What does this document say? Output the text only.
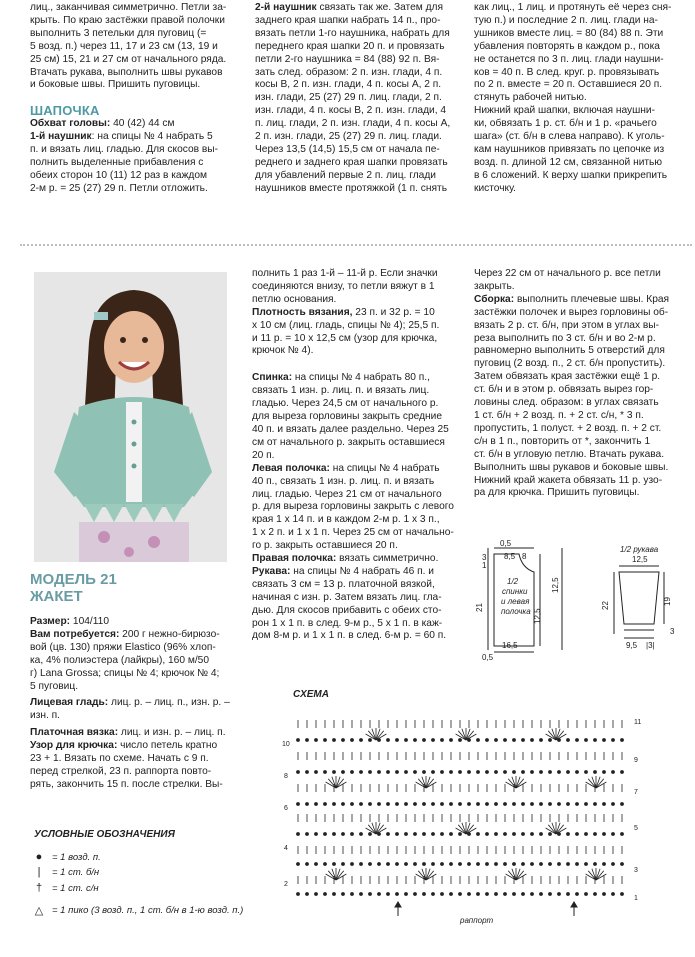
лиц., заканчивая симметрично. Петли за-

крыть. По краю застёжки правой полочки

выполнить 3 петельки для пуговиц (=

5 возд. п.) через 11, 17 и 23 см (13, 19 и

25 см) 15, 21 и 27 см от начального ряда.

Втачать рукава, выполнить швы рукавов

и боковые швы. Пришить пуговицы.

ШАПОЧКА

Обхват головы: 40 (42) 44 см

1-й наушник: на спицы № 4 набрать 5

п. и вязать лиц. гладью. Для скосов вы-

полнить выделенные прибавления с

обеих сторон 10 (11) 12 раз в каждом

2-м р. = 25 (27) 29 п. Петли отложить.

2-й наушник связать так же. Затем для

заднего края шапки набрать 14 п., про-

вязать петли 1-го наушника, набрать для

переднего края шапки 20 п. и провязать

петли 2-го наушника = 84 (88) 92 п. Вя-

зать след. образом: 2 п. изн. глади, 4 п.

косы В, 2 п. изн. глади, 4 п. косы А, 2 п.

изн. глади, 25 (27) 29 п. лиц. глади, 2 п.

изн. глади, 4 п. косы В, 2 п. изн. глади, 4

п. лиц. глади, 2 п. изн. глади, 4 п. косы А,

2 п. изн. глади, 25 (27) 29 п. лиц. глади.

Через 13,5 (14,5) 15,5 см от начала пе-

реднего и заднего края шапки провязать

для убавлений первые 2 п. лиц. глади

наушников вместе протяжкой (1 п. снять

как лиц., 1 лиц. и протянуть её через сня-

тую п.) и последние 2 п. лиц. глади на-

ушников вместе лиц. = 80 (84) 88 п. Эти

убавления повторять в каждом р., пока

не останется по 3 п. лиц. глади наушни-

ков = 40 п. В след. круг. р. провязывать

по 2 п. вместе = 20 п. Оставшиеся 20 п.

стянуть рабочей нитью.

Нижний край шапки, включая наушни-

ки, обвязать 1 р. ст. б/н и 1 р. «рачьего

шага» (ст. б/н в слева направо). К уголь-

кам наушников привязать по цепочке из

возд. п. длиной 12 см, связанной нитью

в 6 сложений. К верху шапки прикрепить

кисточку.

МОДЕЛЬ 21

ЖАКЕТ

Размер: 104/110

Вам потребуется: 200 г нежно-бирюзо-

вой (цв. 130) пряжи Elastico (96% хлоп-

ка, 4% полиэстера (лайкры), 160 м/50

г) Lana Grossa; спицы № 4; крючок № 4;

5 пуговиц.

Лицевая гладь: лиц. р. – лиц. п., изн. р. –

изн. п.

Платочная вязка: лиц. и изн. р. – лиц. п.

Узор для крючка: число петель кратно

23 + 1. Вязать по схеме. Начать с 9 п.

перед стрелкой, 23 п. раппорта повто-

рять, закончить 15 п. после стрелки. Вы-

полнить 1 раз 1-й – 11-й р. Если значки

соединяются внизу, то петли вяжут в 1

петлю основания.

Плотность вязания, 23 п. и 32 р. = 10

х 10 см (лиц. гладь, спицы № 4); 25,5 п.

и 11 р. = 10 х 12,5 см (узор для крючка,

крючок № 4).

Спинка: на спицы № 4 набрать 80 п.,

связать 1 изн. р. лиц. п. и вязать лиц.

гладью. Через 24,5 см от начального р.

для выреза горловины закрыть средние

40 п. и вязать далее раздельно. Через 25

см от начального р. закрыть оставшиеся

20 п.

Левая полочка: на спицы № 4 набрать

40 п., связать 1 изн. р. лиц. п. и вязать

лиц. гладью. Через 21 см от начального

р. для выреза горловины закрыть с левого

края 1 х 14 п. и в каждом 2-м р. 1 х 3 п.,

1 х 2 п. и 1 х 1 п. Через 25 см от начально-

го р. закрыть оставшиеся 20 п.

Правая полочка: вязать симметрично.

Рукава: на спицы № 4 набрать 46 п. и

связать 3 см = 13 р. платочной вязкой,

начиная с изн. р. Затем вязать лиц. гла-

дью. Для скосов прибавить с обеих сто-

рон 1 х 1 п. в след. 9-м р., 5 х 1 п. в каж-

дом 8-м р. и 1 х 1 п. в след. 6-м р. = 60 п.

Через 22 см от начального р. все петли

закрыть.

Сборка: выполнить плечевые швы. Края

застёжки полочек и вырез горловины об-

вязать 2 р. ст. б/н, при этом в углах вы-

реза выполнить по 3 ст. б/н и во 2-м р.

равномерно выполнить 5 отверстий для

пуговиц (2 возд. п., 2 ст. б/н пропустить).

Затем обвязать края застёжки ещё 1 р.

ст. б/н и в этом р. обвязать вырез гор-

ловины след. образом: в углах связать

1 ст. б/н + 2 возд. п. + 2 ст. с/н, * 3 п.

пропустить, 1 полуст. + 2 возд. п. + 2 ст.

с/н в 1 п., повторить от *, закончить 1

ст. б/н в угловую петлю. Втачать рукава.

Выполнить швы рукавов и боковые швы.

Нижний край жакета обвязать 11 р. узо-

ра для крючка. Пришить пуговицы.

0,5
8,5 8
3
1
12,5
21
12,5
16,5
0,5
12,5
19
22
9,5 |3|
3
1/2
спинки
и левая
полочка
1/2 рукава
УСЛОВНЫЕ ОБОЗНАЧЕНИЯ
● = 1 возд. п.
|	= 1 ст. б/н
† = 1 ст. с/н
△ = 1 пико (3 возд. п., 1 ст. б/н в 1-ю возд. п.)
СХЕМА
10
8
6
4
2
11
9
7
5
3
1
раппорт
